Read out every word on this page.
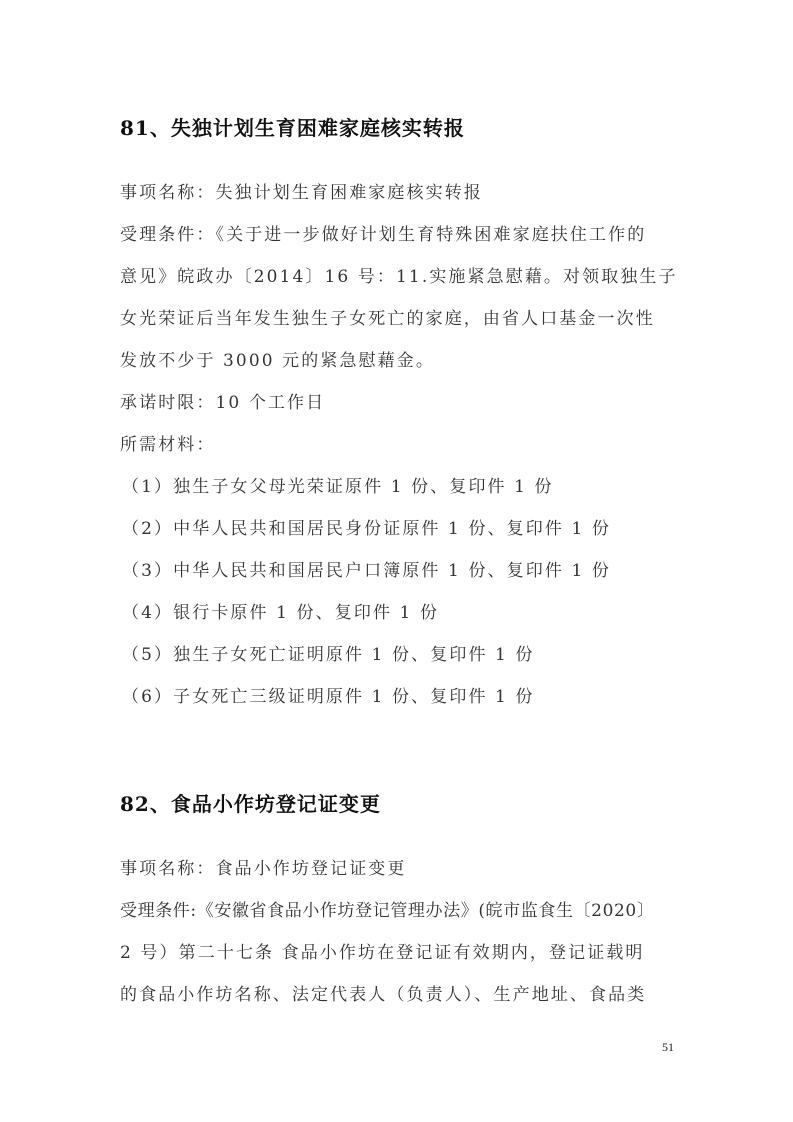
81、失独计划生育困难家庭核实转报
事项名称：失独计划生育困难家庭核实转报
受理条件：《关于进一步做好计划生育特殊困难家庭扶住工作的
意见》皖政办〔2014〕16 号：11.实施紧急慰藉。对领取独生子
女光荣证后当年发生独生子女死亡的家庭，由省人口基金一次性
发放不少于 3000 元的紧急慰藉金。
承诺时限：10 个工作日
所需材料：
（1）独生子女父母光荣证原件 1 份、复印件 1 份
（2）中华人民共和国居民身份证原件 1 份、复印件 1 份
（3）中华人民共和国居民户口簿原件 1 份、复印件 1 份
（4）银行卡原件 1 份、复印件 1 份
（5）独生子女死亡证明原件 1 份、复印件 1 份
（6）子女死亡三级证明原件 1 份、复印件 1 份
82、食品小作坊登记证变更
事项名称：食品小作坊登记证变更
受理条件:《安徽省食品小作坊登记管理办法》(皖市监食生〔2020〕
2 号）第二十七条 食品小作坊在登记证有效期内，登记证载明
的食品小作坊名称、法定代表人（负责人）、生产地址、食品类
51
